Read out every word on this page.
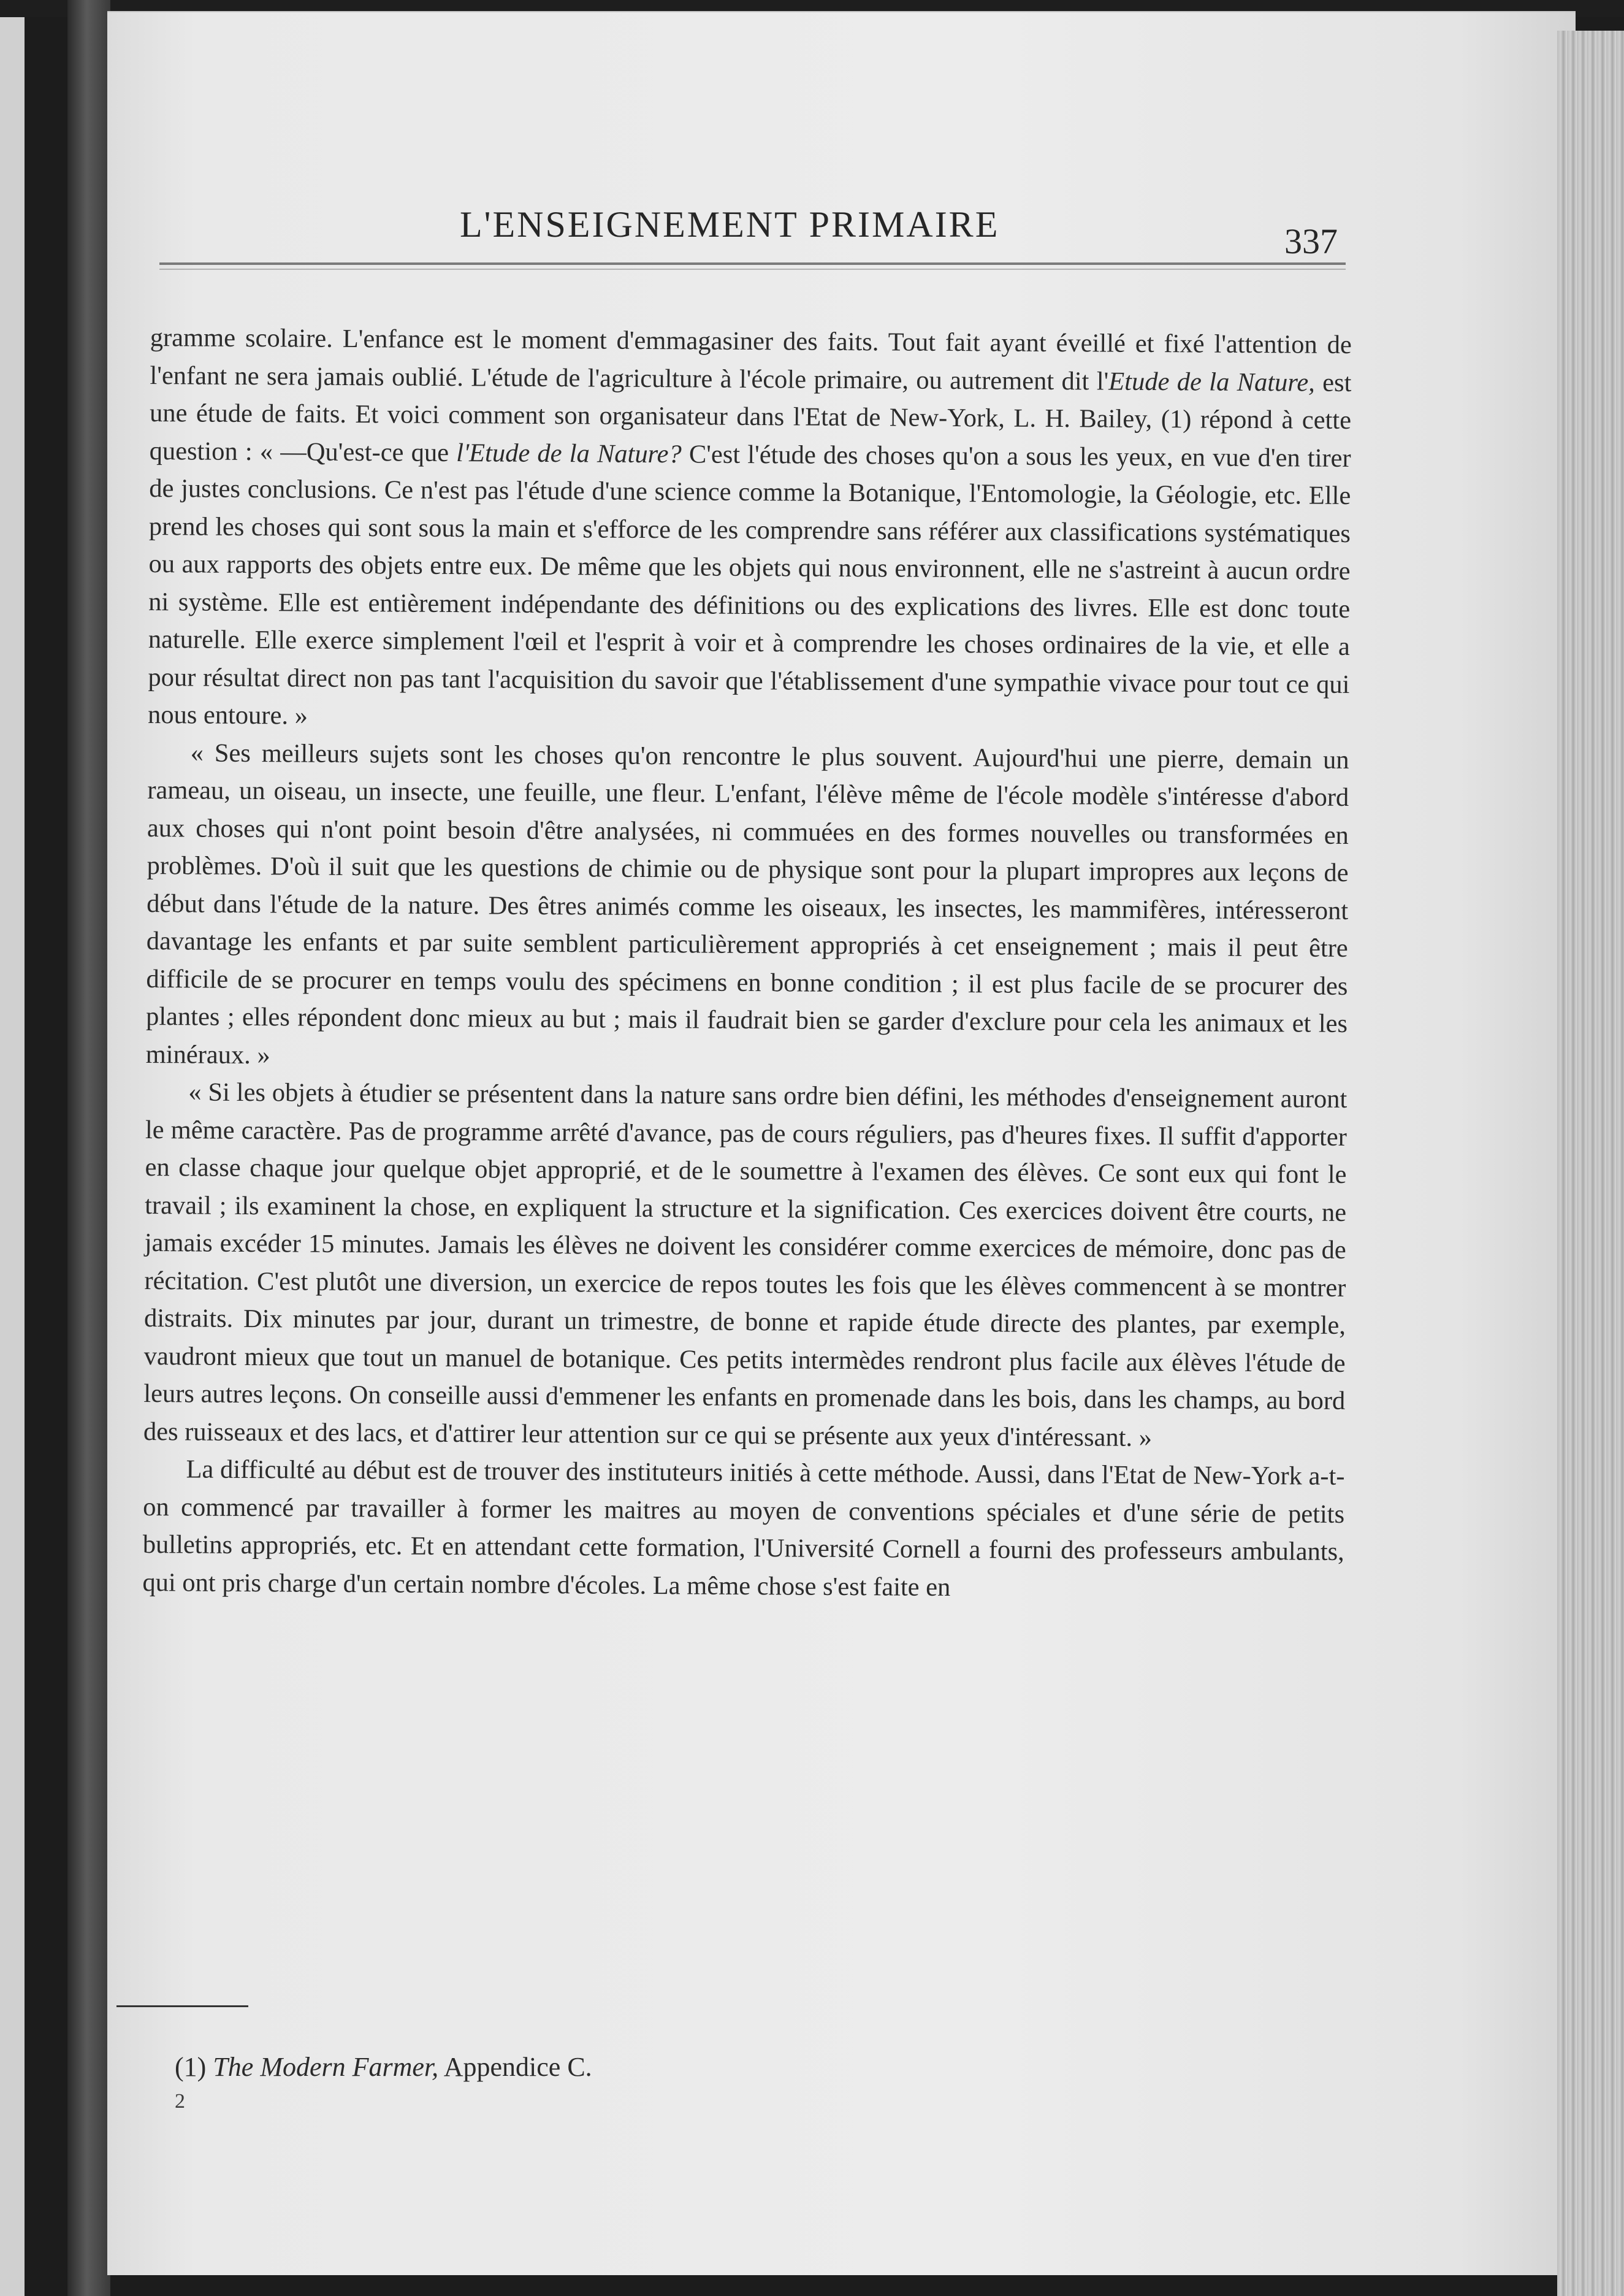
L'ENSEIGNEMENT PRIMAIRE	337

gramme scolaire. L'enfance est le moment d'emmagasiner des faits. Tout fait ayant éveillé et fixé l'attention de l'enfant ne sera jamais oublié. L'étude de l'agriculture à l'école primaire, ou autrement dit l'Etude de la Nature, est une étude de faits. Et voici comment son organisateur dans l'Etat de New-York, L. H. Bailey, (1) répond à cette question : « —Qu'est-ce que l'Etude de la Nature? C'est l'étude des choses qu'on a sous les yeux, en vue d'en tirer de justes conclusions. Ce n'est pas l'étude d'une science comme la Botanique, l'Entomologie, la Géologie, etc. Elle prend les choses qui sont sous la main et s'efforce de les comprendre sans référer aux classifications systématiques ou aux rapports des objets entre eux. De même que les objets qui nous environnent, elle ne s'astreint à aucun ordre ni système. Elle est entièrement indépendante des définitions ou des explications des livres. Elle est donc toute naturelle. Elle exerce simplement l'œil et l'esprit à voir et à comprendre les choses ordinaires de la vie, et elle a pour résultat direct non pas tant l'acquisition du savoir que l'établissement d'une sympathie vivace pour tout ce qui nous entoure. »

« Ses meilleurs sujets sont les choses qu'on rencontre le plus souvent. Aujourd'hui une pierre, demain un rameau, un oiseau, un insecte, une feuille, une fleur. L'enfant, l'élève même de l'école modèle s'intéresse d'abord aux choses qui n'ont point besoin d'être analysées, ni commuées en des formes nouvelles ou transformées en problèmes. D'où il suit que les questions de chimie ou de physique sont pour la plupart impropres aux leçons de début dans l'étude de la nature. Des êtres animés comme les oiseaux, les insectes, les mammifères, intéresseront davantage les enfants et par suite semblent particulièrement appropriés à cet enseignement ; mais il peut être difficile de se procurer en temps voulu des spécimens en bonne condition ; il est plus facile de se procurer des plantes ; elles répondent donc mieux au but ; mais il faudrait bien se garder d'exclure pour cela les animaux et les minéraux. »

« Si les objets à étudier se présentent dans la nature sans ordre bien défini, les méthodes d'enseignement auront le même caractère. Pas de programme arrêté d'avance, pas de cours réguliers, pas d'heures fixes. Il suffit d'apporter en classe chaque jour quelque objet approprié, et de le soumettre à l'examen des élèves. Ce sont eux qui font le travail ; ils examinent la chose, en expliquent la structure et la signification. Ces exercices doivent être courts, ne jamais excéder 15 minutes. Jamais les élèves ne doivent les considérer comme exercices de mémoire, donc pas de récitation. C'est plutôt une diversion, un exercice de repos toutes les fois que les élèves commencent à se montrer distraits. Dix minutes par jour, durant un trimestre, de bonne et rapide étude directe des plantes, par exemple, vaudront mieux que tout un manuel de botanique. Ces petits intermèdes rendront plus facile aux élèves l'étude de leurs autres leçons. On conseille aussi d'emmener les enfants en promenade dans les bois, dans les champs, au bord des ruisseaux et des lacs, et d'attirer leur attention sur ce qui se présente aux yeux d'intéressant. »

La difficulté au début est de trouver des instituteurs initiés à cette méthode. Aussi, dans l'Etat de New-York a-t-on commencé par travailler à former les maitres au moyen de conventions spéciales et d'une série de petits bulletins appropriés, etc. Et en attendant cette formation, l'Université Cornell a fourni des professeurs ambulants, qui ont pris charge d'un certain nombre d'écoles. La même chose s'est faite en

(1) The Modern Farmer, Appendice C.
2
